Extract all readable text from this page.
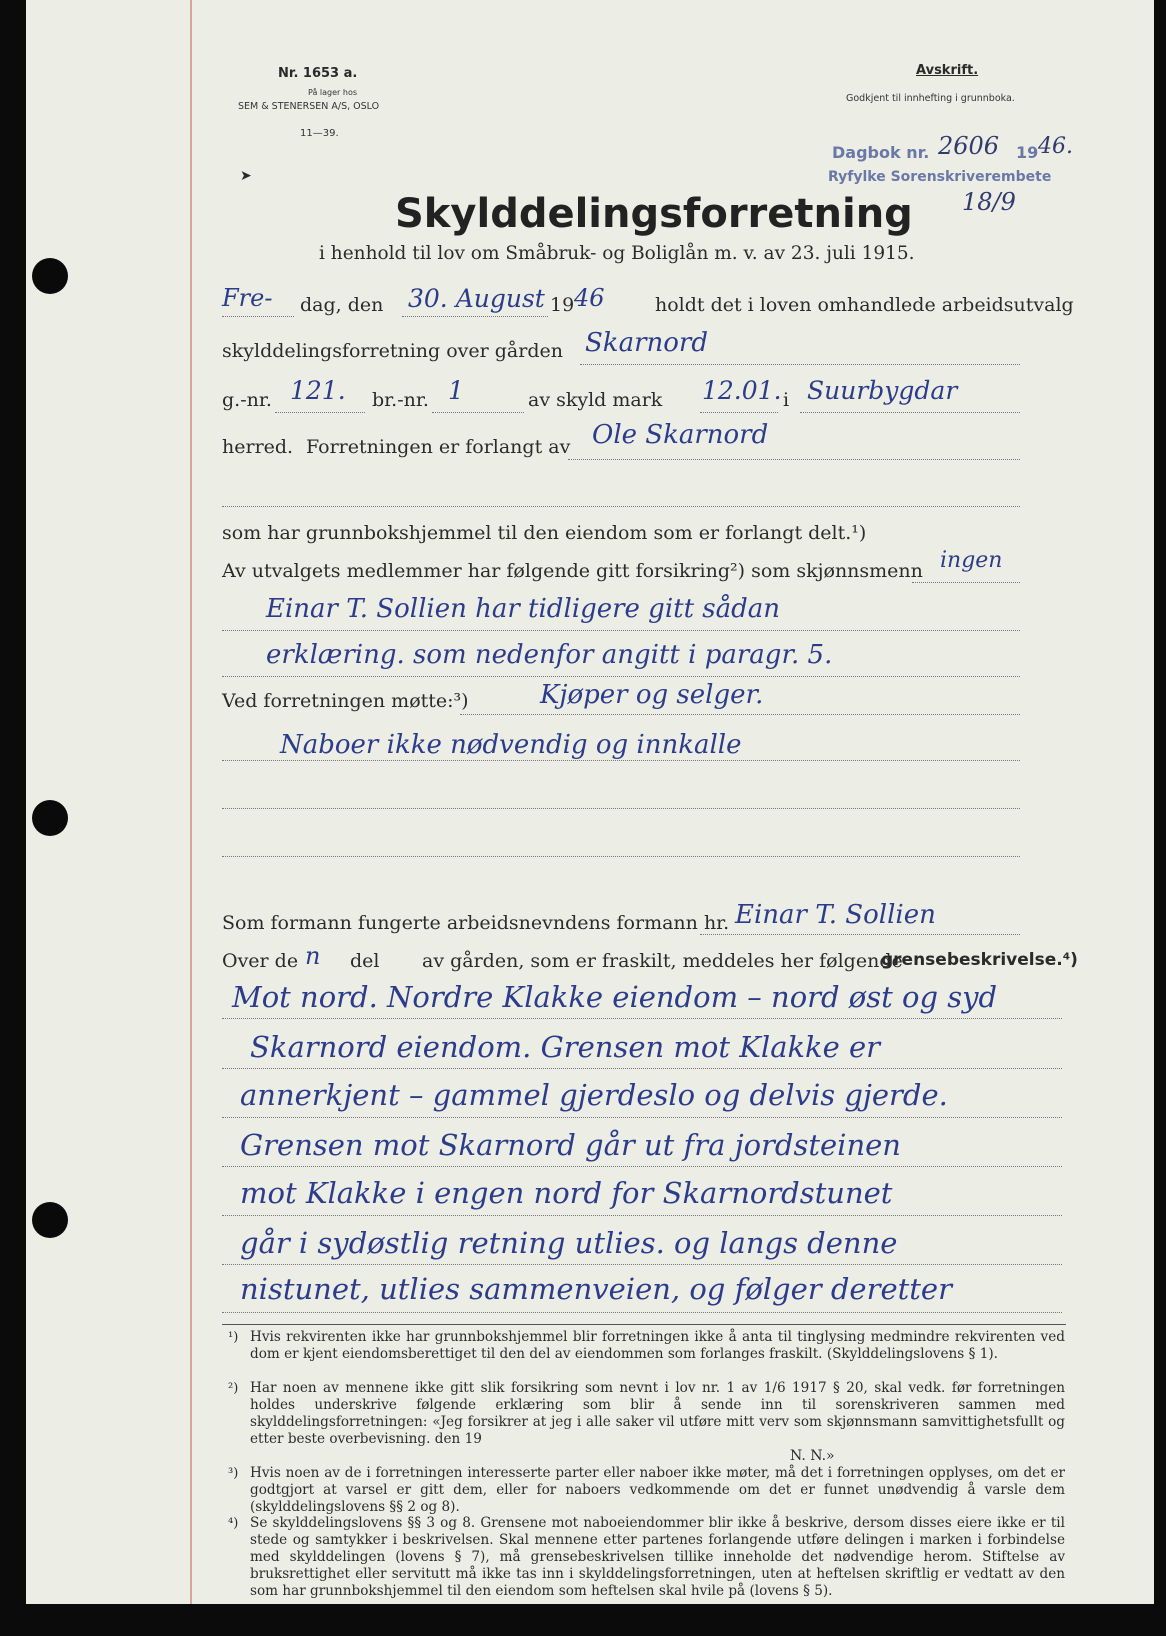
Nr. 1653 a.
På lager hos
SEM & STENERSEN A/S, OSLO
11—39.
Avskrift.
Godkjent til innhefting i grunnboka.
Dagbok nr. 2606 19 46.
Ryfylke Sorenskriverembete
18/9
➤
Skylddelingsforretning
i henhold til lov om Småbruk- og Boliglån m. v. av 23. juli 1915.
Fre- dag, den 30. August 19 46	holdt det i loven omhandlede arbeidsutvalg
skylddelingsforretning over gården Skarnord
g.-nr. 121. br.-nr. 1	av skyld mark 12.01. i Suurbygdar
herred. Forretningen er forlangt av Ole Skarnord
som har grunnbokshjemmel til den eiendom som er forlangt delt.¹)
Av utvalgets medlemmer har følgende gitt forsikring²) som skjønnsmenn ingen
Einar T. Sollien har tidligere gitt sådan
erklæring. som nedenfor angitt i paragr. 5.
Ved forretningen møtte:³)	Kjøper og selger.
Naboer ikke nødvendig og innkalle
Som formann fungerte arbeidsnevndens formann hr. Einar T. Sollien
Over de n del av gården, som er fraskilt, meddeles her følgende
grensebeskrivelse.⁴)
Mot nord. Nordre Klakke eiendom – nord øst og syd
Skarnord eiendom. Grensen mot Klakke er
annerkjent – gammel gjerdeslo og delvis gjerde.
Grensen mot Skarnord går ut fra jordsteinen
mot Klakke i engen nord for Skarnordstunet
går i sydøstlig retning utlies. og langs denne
nistunet, utlies sammenveien, og følger deretter
¹) Hvis rekvirenten ikke har grunnbokshjemmel blir forretningen ikke å anta til tinglysing medmindre rekvirenten ved dom er kjent eiendomsberettiget til den del av eiendommen som forlanges fraskilt. (Skylddelingslovens § 1).
²) Har noen av mennene ikke gitt slik forsikring som nevnt i lov nr. 1 av 1/6 1917 § 20, skal vedk. før forretningen holdes underskrive følgende erklæring som blir å sende inn til sorenskriveren sammen med skylddelingsforretningen: «Jeg forsikrer at jeg i alle saker vil utføre mitt verv som skjønnsmann samvittighetsfullt og etter beste overbevisning. den 19
N. N.»
³) Hvis noen av de i forretningen interesserte parter eller naboer ikke møter, må det i forretningen opplyses, om det er godtgjort at varsel er gitt dem, eller for naboers vedkommende om det er funnet unødvendig å varsle dem (skylddelingslovens §§ 2 og 8).
⁴) Se skylddelingslovens §§ 3 og 8. Grensene mot naboeiendommer blir ikke å beskrive, dersom disses eiere ikke er til stede og samtykker i beskrivelsen. Skal mennene etter partenes forlangende utføre delingen i marken i forbindelse med skylddelingen (lovens § 7), må grensebeskrivelsen tillike inneholde det nødvendige herom. Stiftelse av bruksrettighet eller servitutt må ikke tas inn i skylddelingsforretningen, uten at heftelsen skriftlig er vedtatt av den som har grunnbokshjemmel til den eiendom som heftelsen skal hvile på (lovens § 5).
